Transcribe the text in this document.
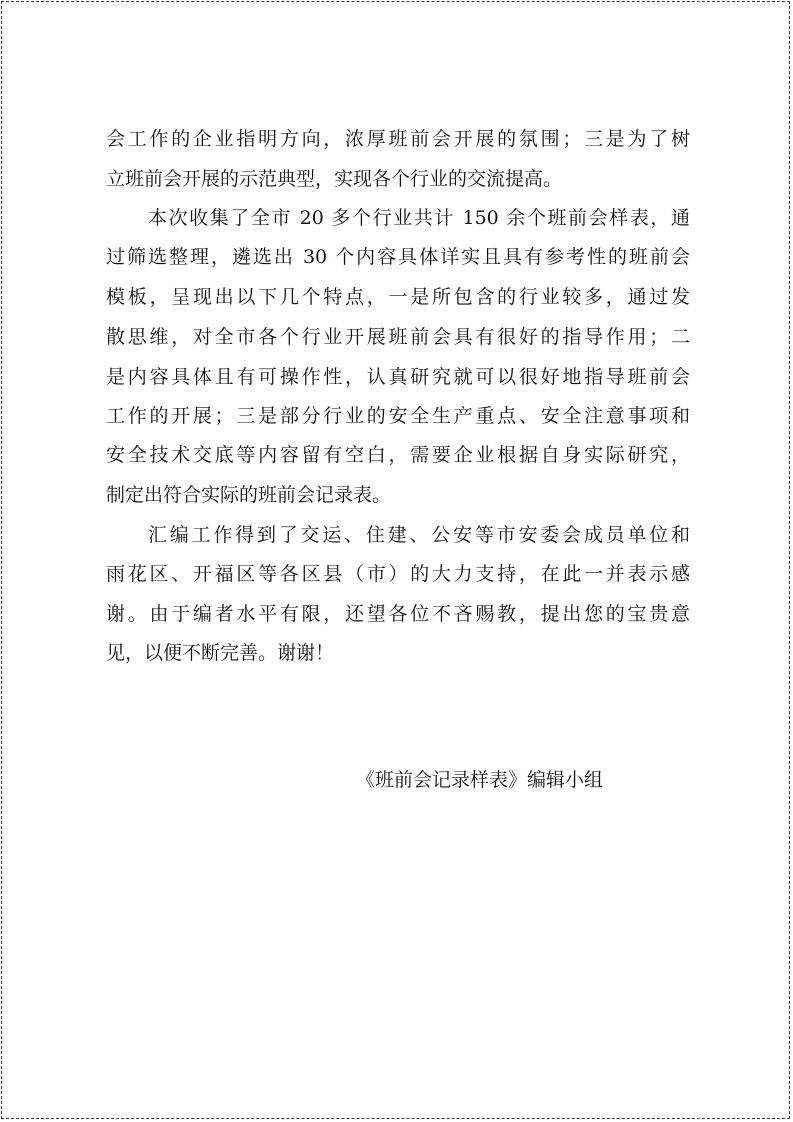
会工作的企业指明方向，浓厚班前会开展的氛围；三是为了树
立班前会开展的示范典型，实现各个行业的交流提高。
本次收集了全市 20 多个行业共计 150 余个班前会样表，通
过筛选整理，遴选出 30 个内容具体详实且具有参考性的班前会
模板，呈现出以下几个特点，一是所包含的行业较多，通过发
散思维，对全市各个行业开展班前会具有很好的指导作用；二
是内容具体且有可操作性，认真研究就可以很好地指导班前会
工作的开展；三是部分行业的安全生产重点、安全注意事项和
安全技术交底等内容留有空白，需要企业根据自身实际研究，
制定出符合实际的班前会记录表。
汇编工作得到了交运、住建、公安等市安委会成员单位和
雨花区、开福区等各区县（市）的大力支持，在此一并表示感
谢。由于编者水平有限，还望各位不吝赐教，提出您的宝贵意
见，以便不断完善。谢谢！
《班前会记录样表》编辑小组
